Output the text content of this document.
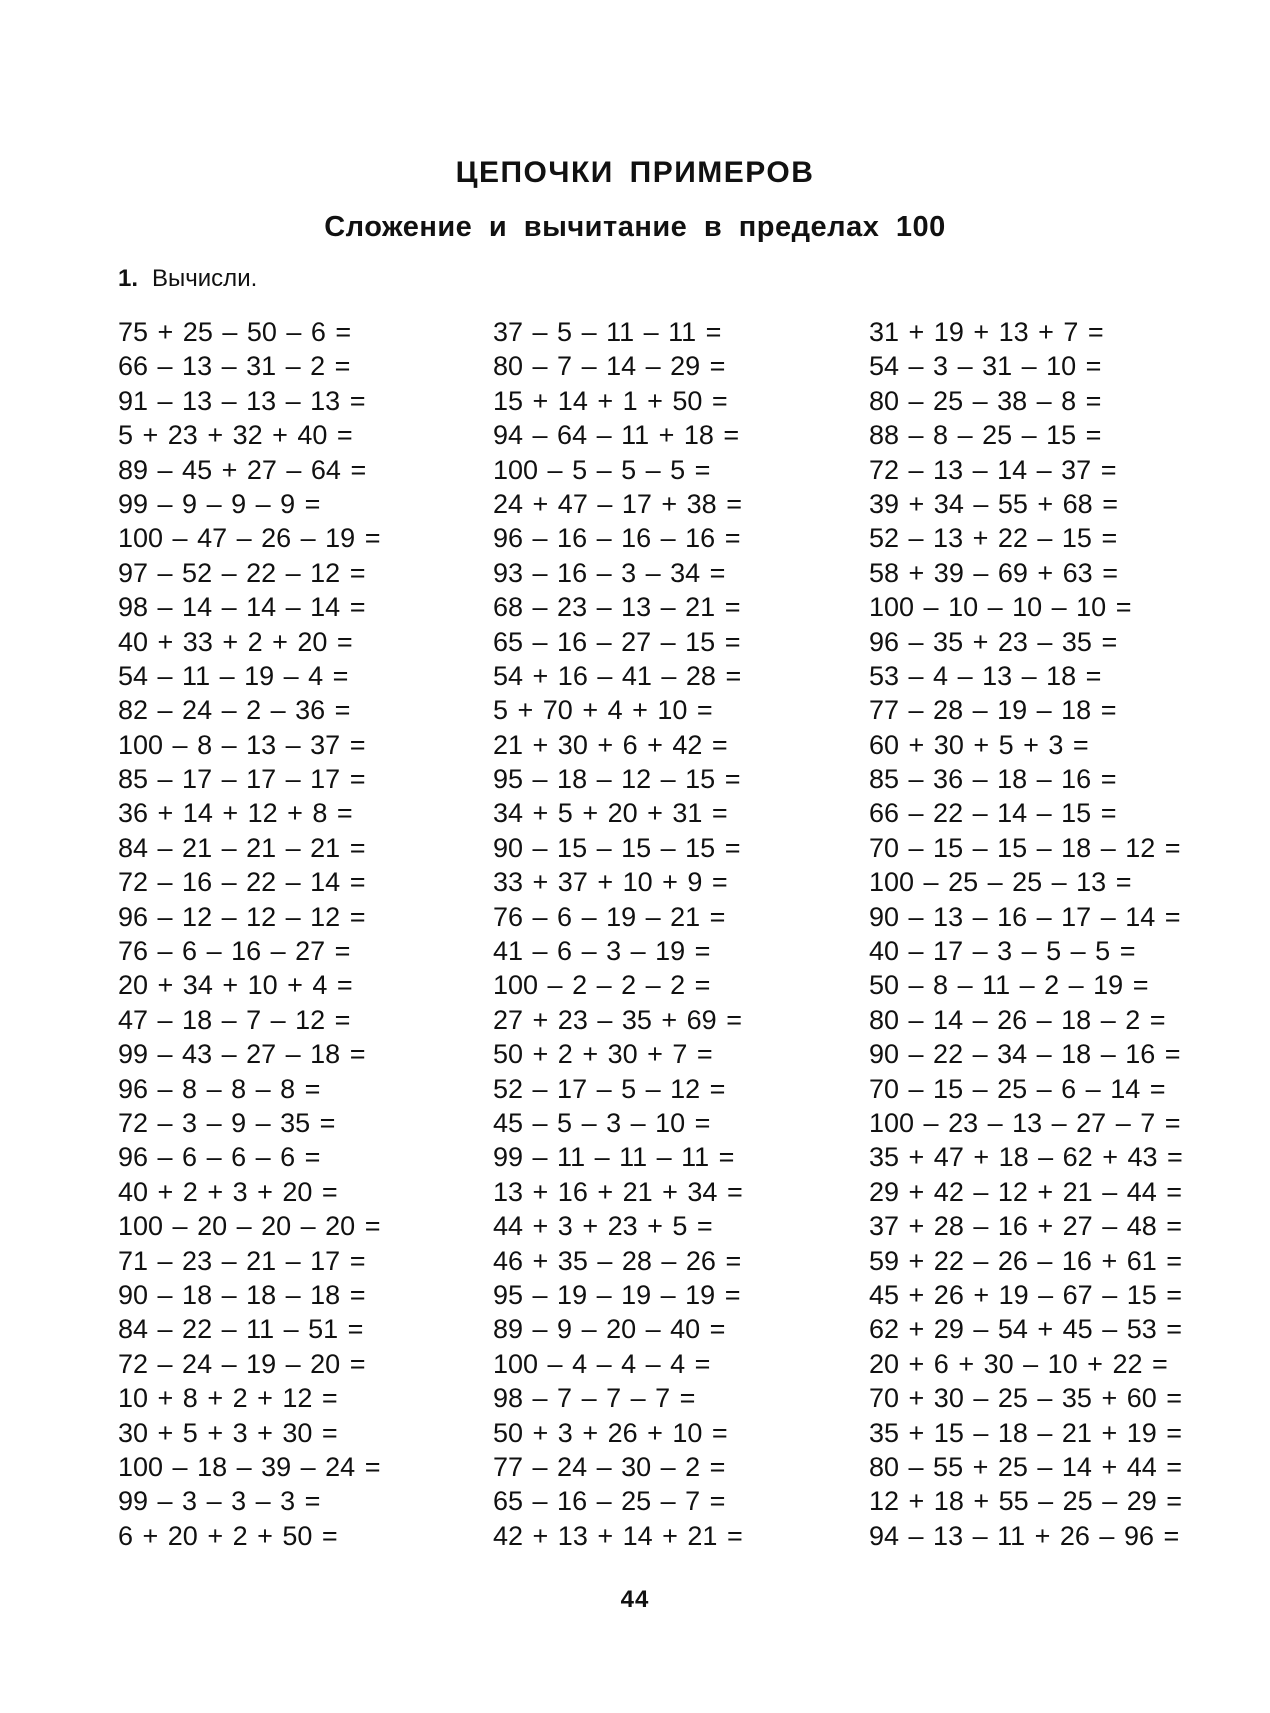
ЦЕПОЧКИ ПРИМЕРОВ
Сложение и вычитание в пределах 100
1. Вычисли.
75 + 25 – 50 – 6 =
66 – 13 – 31 – 2 =
91 – 13 – 13 – 13 =
5 + 23 + 32 + 40 =
89 – 45 + 27 – 64 =
99 – 9 – 9 – 9 =
100 – 47 – 26 – 19 =
97 – 52 – 22 – 12 =
98 – 14 – 14 – 14 =
40 + 33 + 2 + 20 =
54 – 11 – 19 – 4 =
82 – 24 – 2 – 36 =
100 – 8 – 13 – 37 =
85 – 17 – 17 – 17 =
36 + 14 + 12 + 8 =
84 – 21 – 21 – 21 =
72 – 16 – 22 – 14 =
96 – 12 – 12 – 12 =
76 – 6 – 16 – 27 =
20 + 34 + 10 + 4 =
47 – 18 – 7 – 12 =
99 – 43 – 27 – 18 =
96 – 8 – 8 – 8 =
72 – 3 – 9 – 35 =
96 – 6 – 6 – 6 =
40 + 2 + 3 + 20 =
100 – 20 – 20 – 20 =
71 – 23 – 21 – 17 =
90 – 18 – 18 – 18 =
84 – 22 – 11 – 51 =
72 – 24 – 19 – 20 =
10 + 8 + 2 + 12 =
30 + 5 + 3 + 30 =
100 – 18 – 39 – 24 =
99 – 3 – 3 – 3 =
6 + 20 + 2 + 50 =
37 – 5 – 11 – 11 =
80 – 7 – 14 – 29 =
15 + 14 + 1 + 50 =
94 – 64 – 11 + 18 =
100 – 5 – 5 – 5 =
24 + 47 – 17 + 38 =
96 – 16 – 16 – 16 =
93 – 16 – 3 – 34 =
68 – 23 – 13 – 21 =
65 – 16 – 27 – 15 =
54 + 16 – 41 – 28 =
5 + 70 + 4 + 10 =
21 + 30 + 6 + 42 =
95 – 18 – 12 – 15 =
34 + 5 + 20 + 31 =
90 – 15 – 15 – 15 =
33 + 37 + 10 + 9 =
76 – 6 – 19 – 21 =
41 – 6 – 3 – 19 =
100 – 2 – 2 – 2 =
27 + 23 – 35 + 69 =
50 + 2 + 30 + 7 =
52 – 17 – 5 – 12 =
45 – 5 – 3 – 10 =
99 – 11 – 11 – 11 =
13 + 16 + 21 + 34 =
44 + 3 + 23 + 5 =
46 + 35 – 28 – 26 =
95 – 19 – 19 – 19 =
89 – 9 – 20 – 40 =
100 – 4 – 4 – 4 =
98 – 7 – 7 – 7 =
50 + 3 + 26 + 10 =
77 – 24 – 30 – 2 =
65 – 16 – 25 – 7 =
42 + 13 + 14 + 21 =
31 + 19 + 13 + 7 =
54 – 3 – 31 – 10 =
80 – 25 – 38 – 8 =
88 – 8 – 25 – 15 =
72 – 13 – 14 – 37 =
39 + 34 – 55 + 68 =
52 – 13 + 22 – 15 =
58 + 39 – 69 + 63 =
100 – 10 – 10 – 10 =
96 – 35 + 23 – 35 =
53 – 4 – 13 – 18 =
77 – 28 – 19 – 18 =
60 + 30 + 5 + 3 =
85 – 36 – 18 – 16 =
66 – 22 – 14 – 15 =
70 – 15 – 15 – 18 – 12 =
100 – 25 – 25 – 13 =
90 – 13 – 16 – 17 – 14 =
40 – 17 – 3 – 5 – 5 =
50 – 8 – 11 – 2 – 19 =
80 – 14 – 26 – 18 – 2 =
90 – 22 – 34 – 18 – 16 =
70 – 15 – 25 – 6 – 14 =
100 – 23 – 13 – 27 – 7 =
35 + 47 + 18 – 62 + 43 =
29 + 42 – 12 + 21 – 44 =
37 + 28 – 16 + 27 – 48 =
59 + 22 – 26 – 16 + 61 =
45 + 26 + 19 – 67 – 15 =
62 + 29 – 54 + 45 – 53 =
20 + 6 + 30 – 10 + 22 =
70 + 30 – 25 – 35 + 60 =
35 + 15 – 18 – 21 + 19 =
80 – 55 + 25 – 14 + 44 =
12 + 18 + 55 – 25 – 29 =
94 – 13 – 11 + 26 – 96 =
44
